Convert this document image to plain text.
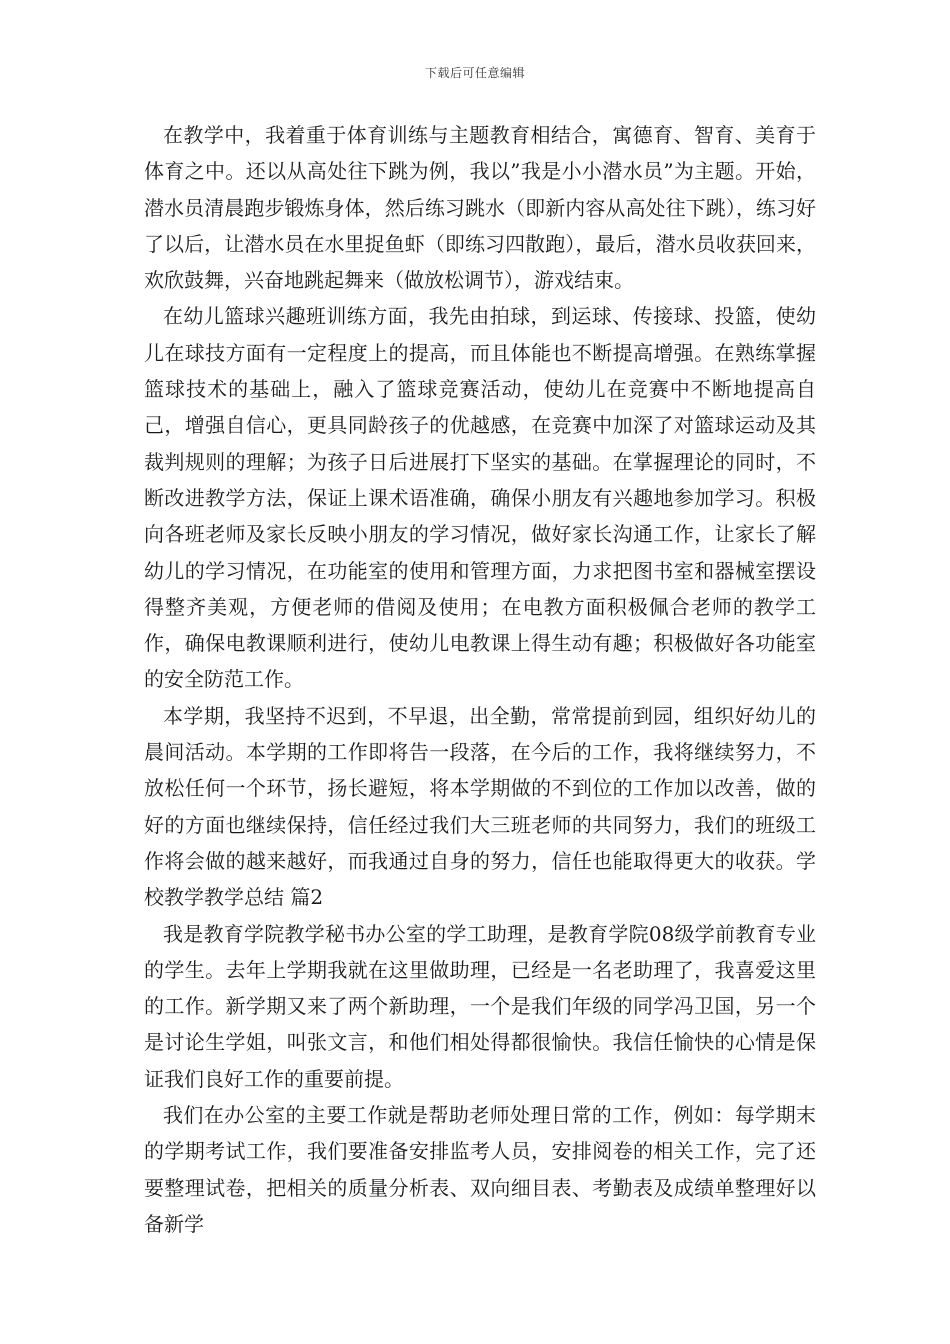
下载后可任意编辑

在教学中，我着重于体育训练与主题教育相结合，寓德育、智育、美育于体育之中。还以从高处往下跳为例，我以”我是小小潜水员”为主题。开始，潜水员清晨跑步锻炼身体，然后练习跳水（即新内容从高处往下跳），练习好了以后，让潜水员在水里捉鱼虾（即练习四散跑），最后，潜水员收获回来，欢欣鼓舞，兴奋地跳起舞来（做放松调节），游戏结束。

在幼儿篮球兴趣班训练方面，我先由拍球，到运球、传接球、投篮，使幼儿在球技方面有一定程度上的提高，而且体能也不断提高增强。在熟练掌握篮球技术的基础上，融入了篮球竞赛活动，使幼儿在竞赛中不断地提高自己，增强自信心，更具同龄孩子的优越感，在竞赛中加深了对篮球运动及其裁判规则的理解；为孩子日后进展打下坚实的基础。在掌握理论的同时，不断改进教学方法，保证上课术语准确，确保小朋友有兴趣地参加学习。积极向各班老师及家长反映小朋友的学习情况，做好家长沟通工作，让家长了解幼儿的学习情况，在功能室的使用和管理方面，力求把图书室和器械室摆设得整齐美观，方便老师的借阅及使用；在电教方面积极佩合老师的教学工作，确保电教课顺利进行，使幼儿电教课上得生动有趣；积极做好各功能室的安全防范工作。

本学期，我坚持不迟到，不早退，出全勤，常常提前到园，组织好幼儿的晨间活动。本学期的工作即将告一段落，在今后的工作，我将继续努力，不放松任何一个环节，扬长避短，将本学期做的不到位的工作加以改善，做的好的方面也继续保持，信任经过我们大三班老师的共同努力，我们的班级工作将会做的越来越好，而我通过自身的努力，信任也能取得更大的收获。学校教学教学总结 篇2

我是教育学院教学秘书办公室的学工助理，是教育学院08级学前教育专业的学生。去年上学期我就在这里做助理，已经是一名老助理了，我喜爱这里的工作。新学期又来了两个新助理，一个是我们年级的同学冯卫国，另一个是讨论生学姐，叫张文言，和他们相处得都很愉快。我信任愉快的心情是保证我们良好工作的重要前提。

我们在办公室的主要工作就是帮助老师处理日常的工作，例如：每学期末的学期考试工作，我们要准备安排监考人员，安排阅卷的相关工作，完了还要整理试卷，把相关的质量分析表、双向细目表、考勤表及成绩单整理好以备新学
